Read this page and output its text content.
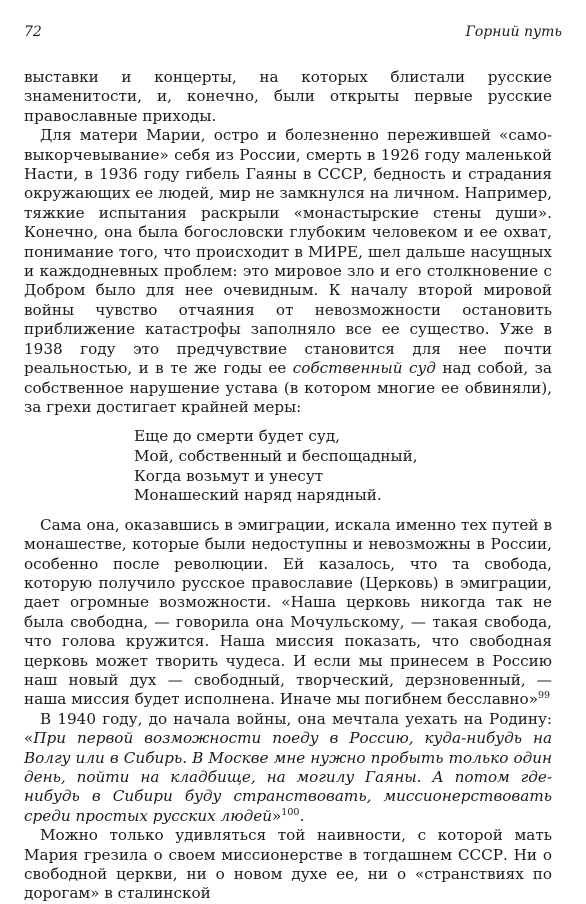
72	Горний путь

выставки и концерты, на которых блистали русские знаменитости, и, конечно, были открыты первые русские православные приходы.

Для матери Марии, остро и болезненно пережившей «само-выкорчевывание» себя из России, смерть в 1926 году маленькой Насти, в 1936 году гибель Гаяны в СССР, бедность и страдания окружающих ее людей, мир не замкнулся на личном. Например, тяжкие испытания раскрыли «монастырские стены души». Конечно, она была богословски глубоким человеком и ее охват, понимание того, что происходит в МИРЕ, шел дальше насущных и каждодневных проблем: это мировое зло и его столкновение с Добром было для нее очевидным. К началу второй мировой войны чувство отчаяния от невозможности остановить приближение катастрофы заполняло все ее существо. Уже в 1938 году это предчувствие становится для нее почти реальностью, и в те же годы ее собственный суд над собой, за собственное нарушение устава (в котором многие ее обвиняли), за грехи достигает крайней меры:

Еще до смерти будет суд,
Мой, собственный и беспощадный,
Когда возьмут и унесут
Монашеский наряд нарядный.

Сама она, оказавшись в эмиграции, искала именно тех путей в монашестве, которые были недоступны и невозможны в России, особенно после революции. Ей казалось, что та свобода, которую получило русское православие (Церковь) в эмиграции, дает огромные возможности. «Наша церковь никогда так не была свободна, — говорила она Мочульскому, — такая свобода, что голова кружится. Наша миссия показать, что свободная церковь может творить чудеса. И если мы принесем в Россию наш новый дух — свободный, творческий, дерзновенный, — наша миссия будет исполнена. Иначе мы погибнем бесславно»$^{99}$

В 1940 году, до начала войны, она мечтала уехать на Родину: «При первой возможности поеду в Россию, куда-нибудь на Волгу или в Сибирь. В Москве мне нужно пробыть только один день, пойти на кладбище, на могилу Гаяны. А потом где-нибудь в Сибири буду странствовать, миссионерствовать среди простых русских людей»$^{100}$.

Можно только удивляться той наивности, с которой мать Мария грезила о своем миссионерстве в тогдашнем СССР. Ни о свободной церкви, ни о новом духе ее, ни о «странствиях по дорогам» в сталинской
